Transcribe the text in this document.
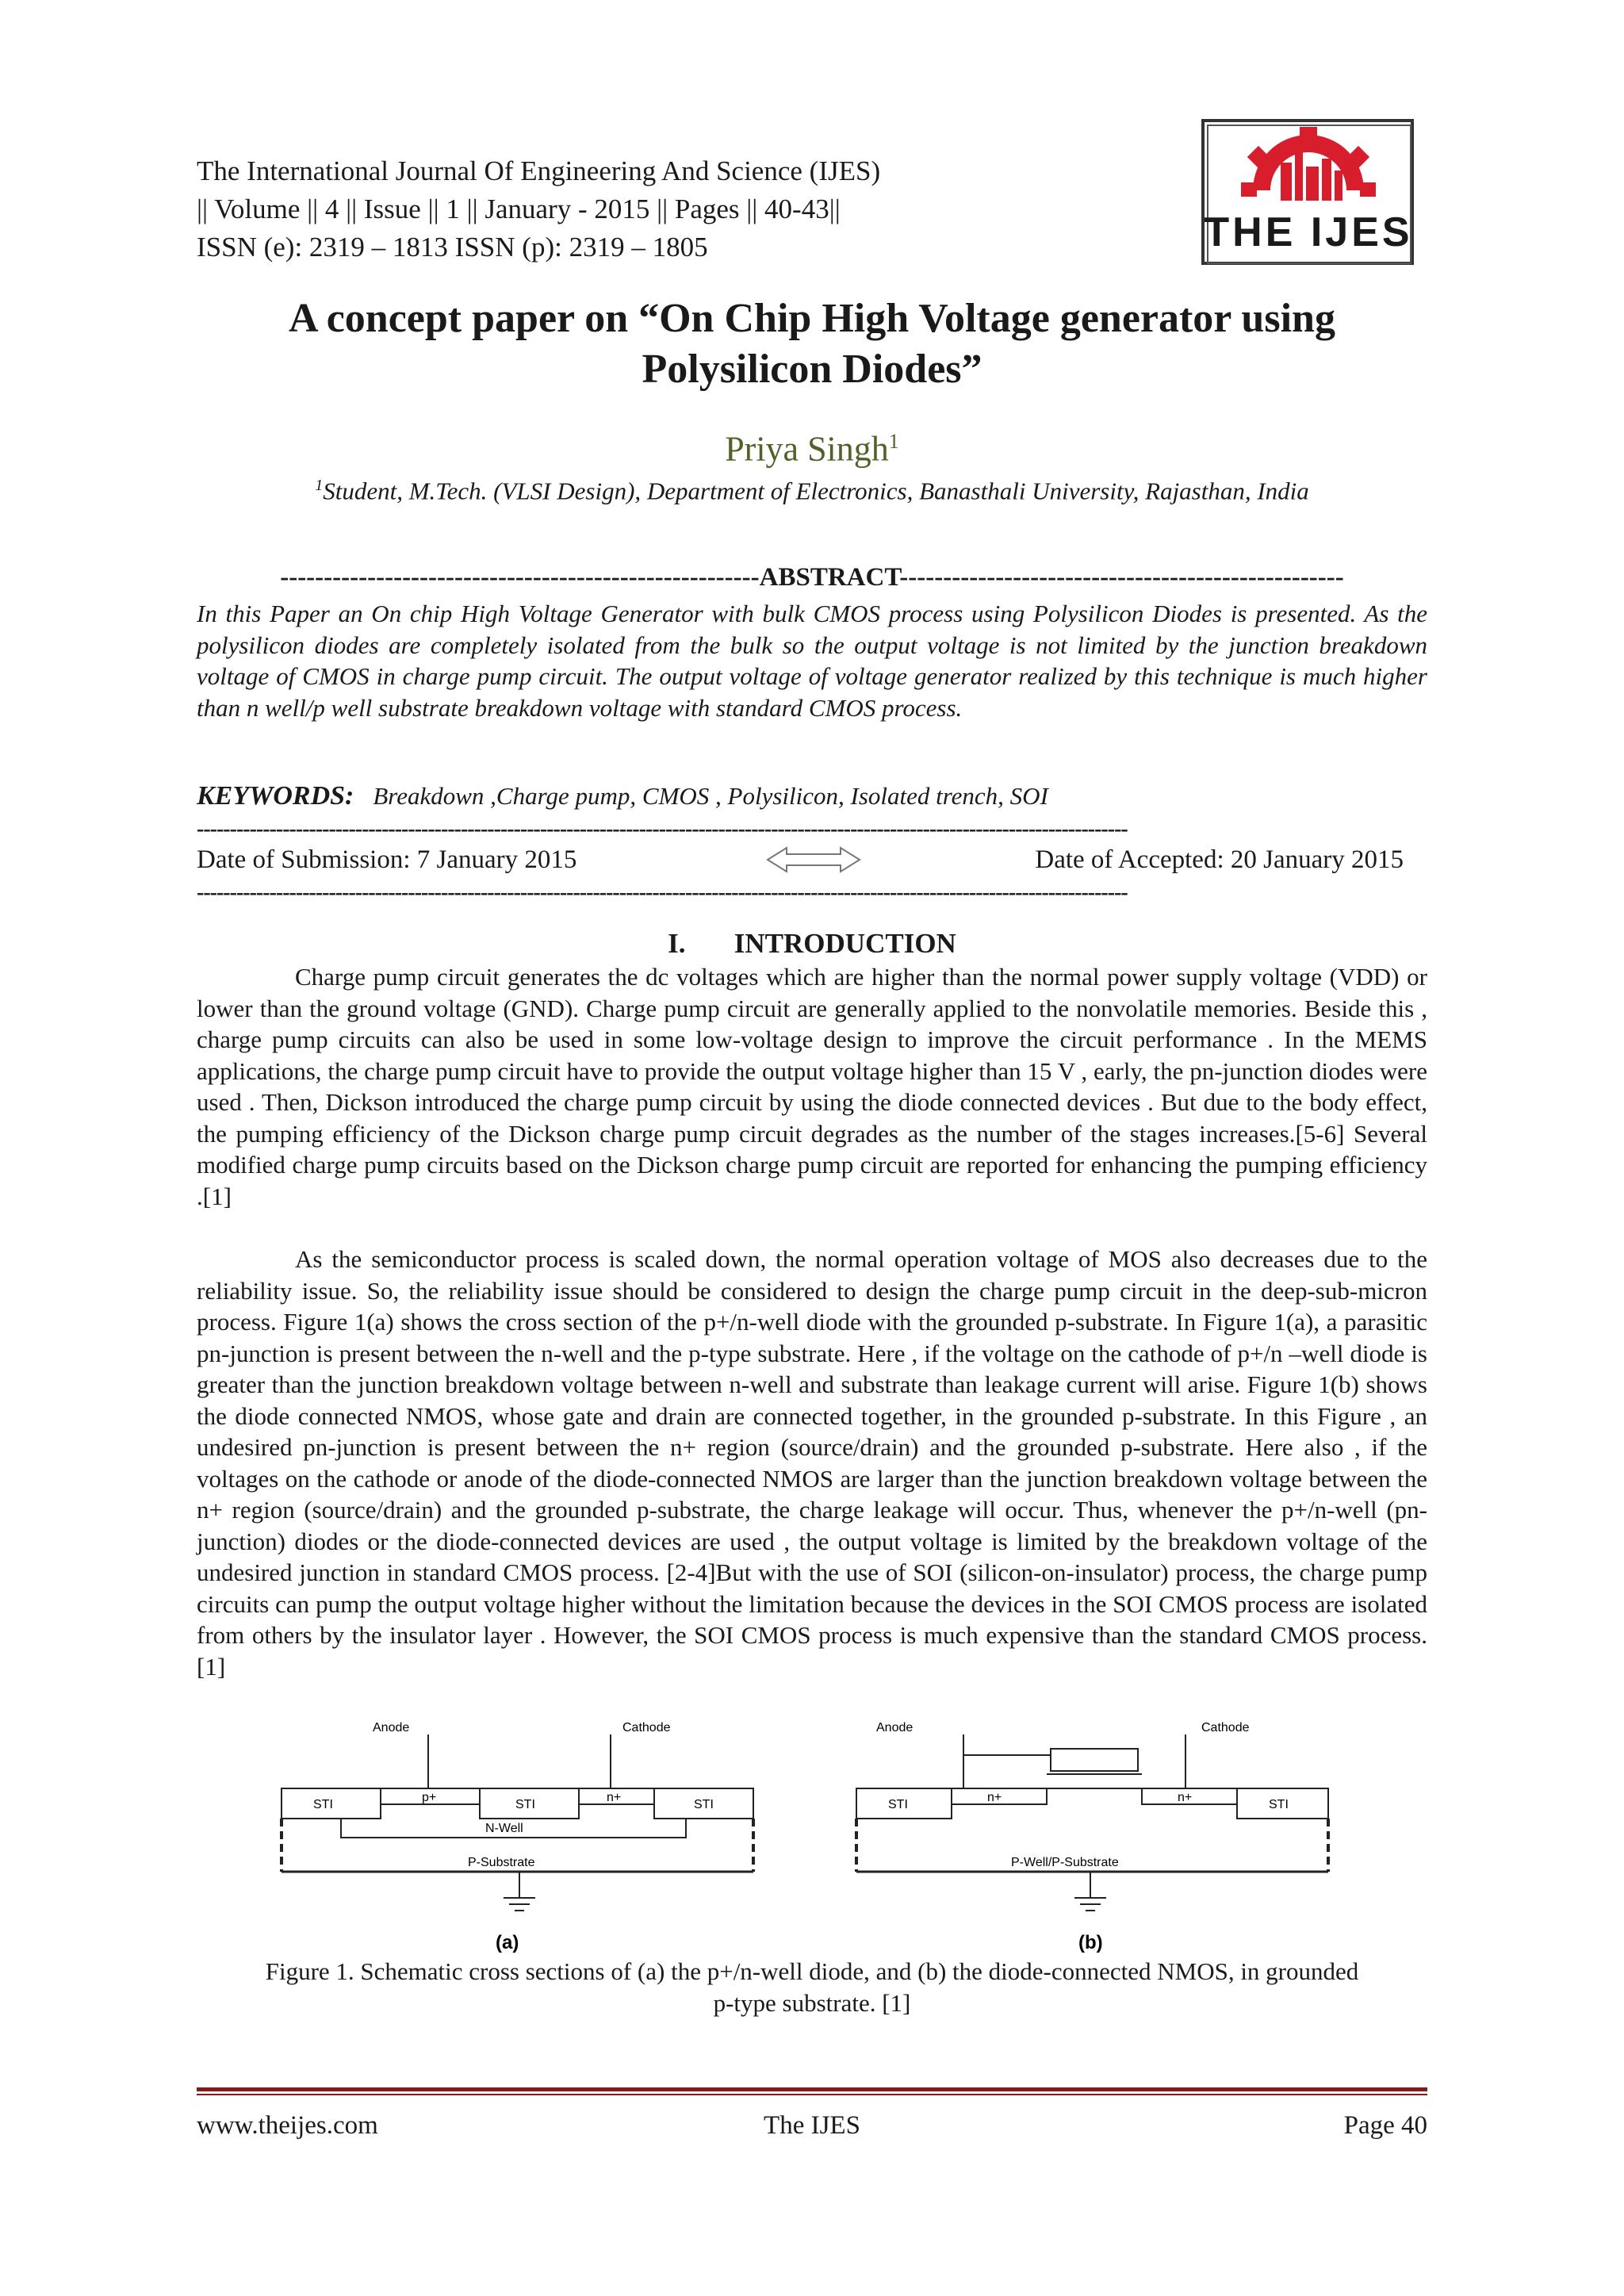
The International Journal Of Engineering And Science (IJES)
|| Volume || 4 || Issue || 1 || January - 2015 || Pages || 40-43||
ISSN (e): 2319 – 1813 ISSN (p): 2319 – 1805	THE IJES
A concept paper on “On Chip High Voltage generator using
Polysilicon Diodes”
Priya Singh$^1$
$^1$Student, M.Tech. (VLSI Design), Department of Electronics, Banasthali University, Rajasthan, India
-------------------------------------------------------ABSTRACT---------------------------------------------------
In this Paper an On chip High Voltage Generator with bulk CMOS process using Polysilicon Diodes is presented. As the polysilicon diodes are completely isolated from the bulk so the output voltage is not limited by the junction breakdown voltage of CMOS in charge pump circuit. The output voltage of voltage generator realized by this technique is much higher than n well/p well substrate breakdown voltage with standard CMOS process.
KEYWORDS: Breakdown ,Charge pump, CMOS , Polysilicon, Isolated trench, SOI
---------------------------------------------------------------------------------------------------------------------------------------------
Date of Submission: 7 January 2015	Date of Accepted: 20 January 2015
---------------------------------------------------------------------------------------------------------------------------------------------
I. INTRODUCTION

Charge pump circuit generates the dc voltages which are higher than the normal power supply voltage (VDD) or lower than the ground voltage (GND). Charge pump circuit are generally applied to the nonvolatile memories. Beside this , charge pump circuits can also be used in some low-voltage design to improve the circuit performance . In the MEMS applications, the charge pump circuit have to provide the output voltage higher than 15 V , early, the pn-junction diodes were used . Then, Dickson introduced the charge pump circuit by using the diode connected devices . But due to the body effect, the pumping efficiency of the Dickson charge pump circuit degrades as the number of the stages increases.[5-6] Several modified charge pump circuits based on the Dickson charge pump circuit are reported for enhancing the pumping efficiency .[1]

As the semiconductor process is scaled down, the normal operation voltage of MOS also decreases due to the reliability issue. So, the reliability issue should be considered to design the charge pump circuit in the deep-sub-micron process. Figure 1(a) shows the cross section of the p+/n-well diode with the grounded p-substrate. In Figure 1(a), a parasitic pn-junction is present between the n-well and the p-type substrate. Here , if the voltage on the cathode of p+/n –well diode is greater than the junction breakdown voltage between n-well and substrate than leakage current will arise. Figure 1(b) shows the diode connected NMOS, whose gate and drain are connected together, in the grounded p-substrate. In this Figure , an undesired pn-junction is present between the n+ region (source/drain) and the grounded p-substrate. Here also , if the voltages on the cathode or anode of the diode-connected NMOS are larger than the junction breakdown voltage between the n+ region (source/drain) and the grounded p-substrate, the charge leakage will occur. Thus, whenever the p+/n-well (pn-junction) diodes or the diode-connected devices are used , the output voltage is limited by the breakdown voltage of the undesired junction in standard CMOS process. [2-4]But with the use of SOI (silicon-on-insulator) process, the charge pump circuits can pump the output voltage higher without the limitation because the devices in the SOI CMOS process are isolated from others by the insulator layer . However, the SOI CMOS process is much expensive than the standard CMOS process.[1]

Anode	Cathode
STI
p+
STI
n+
STI
N-Well
P-Substrate
(a)
Anode	Cathode
STI
n+	n+
STI
P-Well/P-Substrate
(b)
Figure 1. Schematic cross sections of (a) the p+/n-well diode, and (b) the diode-connected NMOS, in grounded
p-type substrate. [1]
www.theijes.com	The IJES	Page 40
